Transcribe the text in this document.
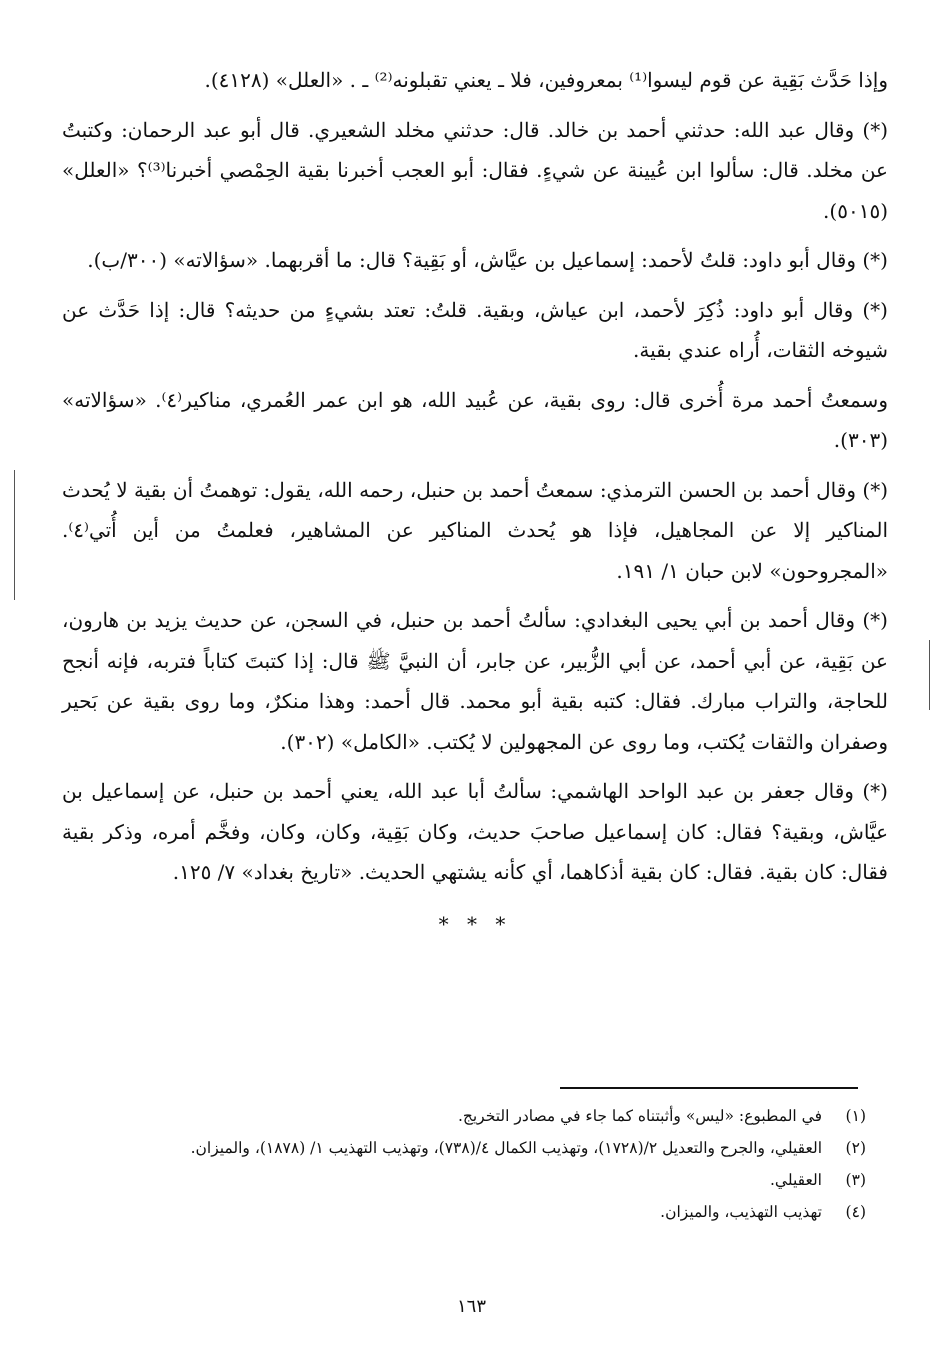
وإذا حَدَّث بَقِية عن قوم ليسوا⁽¹⁾ بمعروفين، فلا ـ يعني تقبلونه⁽²⁾ ـ . «العلل» (٤١٢٨).

(*) وقال عبد الله: حدثني أحمد بن خالد. قال: حدثني مخلد الشعيري. قال أبو عبد الرحمان: وكتبتُ عن مخلد. قال: سألوا ابن عُيينة عن شيءٍ. فقال: أبو العجب أخبرنا بقية الحِمْصي أخبرنا⁽³⁾؟ «العلل» (٥٠١٥).

(*) وقال أبو داود: قلتُ لأحمد: إسماعيل بن عيَّاش، أو بَقِية؟ قال: ما أقربهما. «سؤالاته» (٣٠٠/ب).

(*) وقال أبو داود: ذُكِرَ لأحمد، ابن عياش، وبقية. قلتُ: تعتد بشيءٍ من حديثه؟ قال: إذا حَدَّث عن شيوخه الثقات، أُراه عندي بقية.

وسمعتُ أحمد مرة أُخرى قال: روى بقية، عن عُبيد الله، هو ابن عمر العُمري، مناكير⁽٤⁾. «سؤالاته» (٣٠٣).

(*) وقال أحمد بن الحسن الترمذي: سمعتُ أحمد بن حنبل، رحمه الله، يقول: توهمتُ أن بقية لا يُحدث المناكير إلا عن المجاهيل، فإذا هو يُحدث المناكير عن المشاهير، فعلمتُ من أين أُتي⁽٤⁾. «المجروحون» لابن حبان ١/ ١٩١.

(*) وقال أحمد بن أبي يحيى البغدادي: سألتُ أحمد بن حنبل، في السجن، عن حديث يزيد بن هارون، عن بَقِية، عن أبي أحمد، عن أبي الزُّبير، عن جابر، أن النبيَّ ﷺ قال: إذا كتبتَ كتاباً فتربه، فإنه أنجح للحاجة، والتراب مبارك. فقال: كتبه بقية أبو محمد. قال أحمد: وهذا منكرٌ، وما روى بقية عن بَحير وصفران والثقات يُكتب، وما روى عن المجهولين لا يُكتب. «الكامل» (٣٠٢).

(*) وقال جعفر بن عبد الواحد الهاشمي: سألتُ أبا عبد الله، يعني أحمد بن حنبل، عن إسماعيل بن عيَّاش، وبقية؟ فقال: كان إسماعيل صاحبَ حديث، وكان بَقِية، وكان، وكان، وفخَّم أمره، وذكر بقية فقال: كان بقية. فقال: كان بقية أذكاهما، أي كأنه يشتهي الحديث. «تاريخ بغداد» ٧/ ١٢٥.

* * *
(١)
في المطبوع: «ليس» وأثبتناه كما جاء في مصادر التخريج.
(٢)
العقيلي، والجرح والتعديل ٢/(١٧٢٨)، وتهذيب الكمال ٤/(٧٣٨)، وتهذيب التهذيب ١/ (١٨٧٨)، والميزان.
(٣)
العقيلي.
(٤)
تهذيب التهذيب، والميزان.
١٦٣
